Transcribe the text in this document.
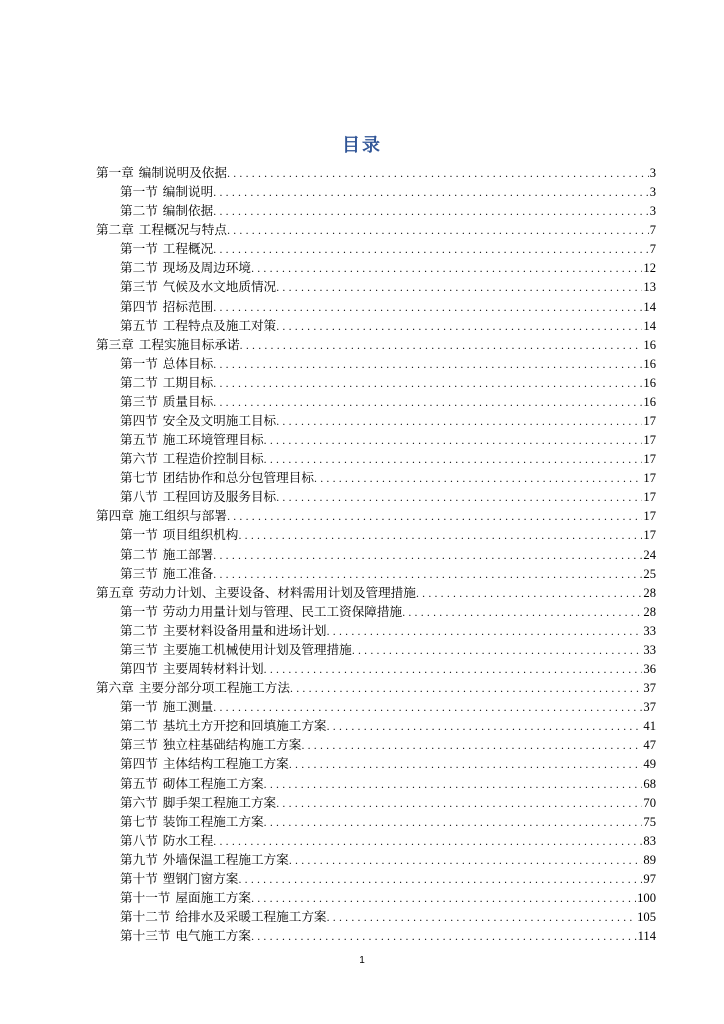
目录
第一章 编制说明及依据 .....	3
第一节 编制说明 .....	3
第二节 编制依据 .....	3
第二章 工程概况与特点 .....	7
第一节 工程概况 .....	7
第二节 现场及周边环境 .....	12
第三节 气候及水文地质情况 .....	13
第四节 招标范围 .....	14
第五节 工程特点及施工对策 .....	14
第三章 工程实施目标承诺 .....	16
第一节 总体目标 .....	16
第二节 工期目标 .....	16
第三节 质量目标 .....	16
第四节 安全及文明施工目标 .....	17
第五节 施工环境管理目标 .....	17
第六节 工程造价控制目标 .....	17
第七节 团结协作和总分包管理目标 .....	17
第八节 工程回访及服务目标 .....	17
第四章 施工组织与部署 .....	17
第一节 项目组织机构 .....	17
第二节 施工部署 .....	24
第三节 施工准备 .....	25
第五章 劳动力计划、主要设备、材料需用计划及管理措施 .....	28
第一节 劳动力用量计划与管理、民工工资保障措施 .....	28
第二节 主要材料设备用量和进场计划 .....	33
第三节 主要施工机械使用计划及管理措施 .....	33
第四节 主要周转材料计划 .....	36
第六章 主要分部分项工程施工方法 .....	37
第一节 施工测量 .....	37
第二节 基坑土方开挖和回填施工方案 .....	41
第三节 独立柱基础结构施工方案 .....	47
第四节 主体结构工程施工方案 .....	49
第五节 砌体工程施工方案 .....	68
第六节 脚手架工程施工方案 .....	70
第七节 装饰工程施工方案 .....	75
第八节 防水工程 .....	83
第九节 外墙保温工程施工方案 .....	89
第十节 塑钢门窗方案 .....	97
第十一节 屋面施工方案 .....	100
第十二节 给排水及采暖工程施工方案 .....	105
第十三节 电气施工方案 .....	114
1
